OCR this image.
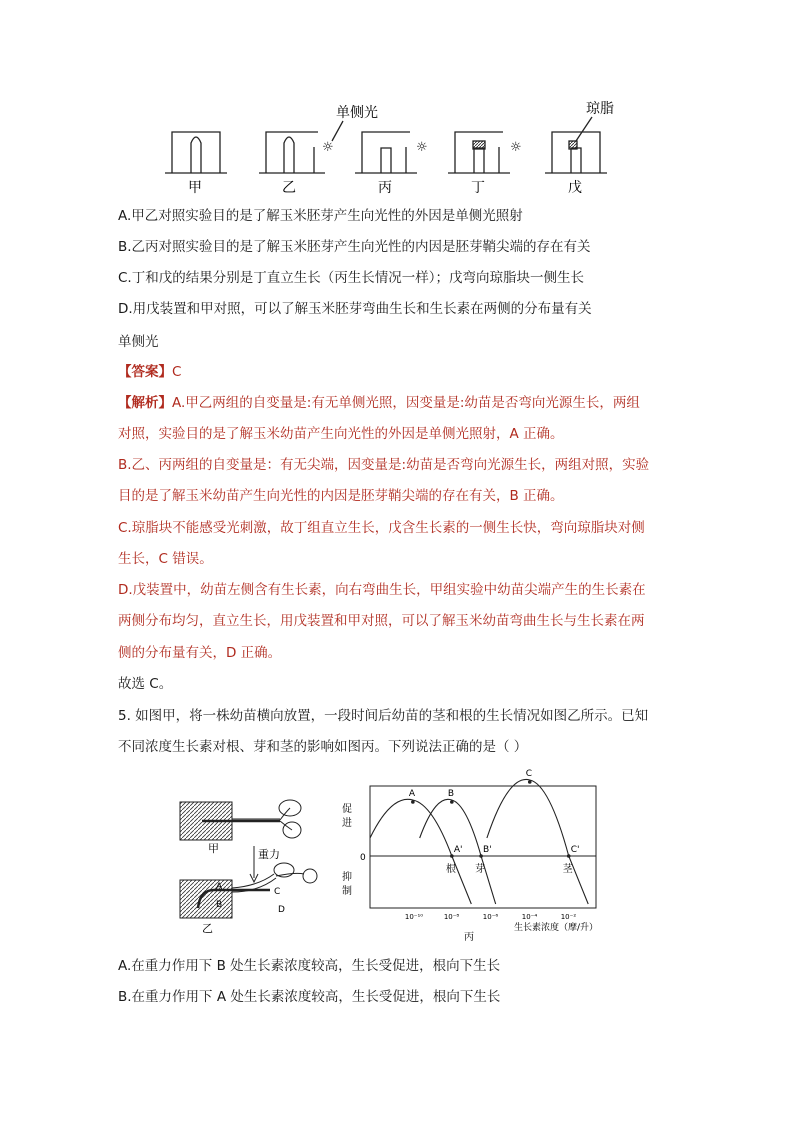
☼	☼	☼
单侧光	琼脂
甲	乙	丙	丁	戊
A.甲乙对照实验目的是了解玉米胚芽产生向光性的外因是单侧光照射
B.乙丙对照实验目的是了解玉米胚芽产生向光性的内因是胚芽鞘尖端的存在有关
C.丁和戊的结果分别是丁直立生长（丙生长情况一样）；戊弯向琼脂块一侧生长
D.用戊装置和甲对照，可以了解玉米胚芽弯曲生长和生长素在两侧的分布量有关
单侧光
【答案】C
【解析】A.甲乙两组的自变量是:有无单侧光照，因变量是:幼苗是否弯向光源生长，两组
对照，实验目的是了解玉米幼苗产生向光性的外因是单侧光照射，A 正确。
B.乙、丙两组的自变量是：有无尖端，因变量是:幼苗是否弯向光源生长，两组对照，实验
目的是了解玉米幼苗产生向光性的内因是胚芽鞘尖端的存在有关，B 正确。
C.琼脂块不能感受光刺激，故丁组直立生长，戊含生长素的一侧生长快，弯向琼脂块对侧
生长，C 错误。
D.戊装置中，幼苗左侧含有生长素，向右弯曲生长，甲组实验中幼苗尖端产生的生长素在
两侧分布均匀，直立生长，用戊装置和甲对照，可以了解玉米幼苗弯曲生长与生长素在两
侧的分布量有关，D 正确。
故选 C。
5. 如图甲，将一株幼苗横向放置，一段时间后幼苗的茎和根的生长情况如图乙所示。已知
不同浓度生长素对根、芽和茎的影响如图丙。下列说法正确的是（ ）
甲	重力
A
B
C
D
乙
0
促
进
抑
制
10⁻¹⁰	10⁻⁸	10⁻⁶	10⁻⁴	10⁻²
生长素浓度（摩/升）
丙
A
A'
根
B
B'
芽
C
C'
茎
A.在重力作用下 B 处生长素浓度较高，生长受促进，根向下生长
B.在重力作用下 A 处生长素浓度较高，生长受促进，根向下生长
